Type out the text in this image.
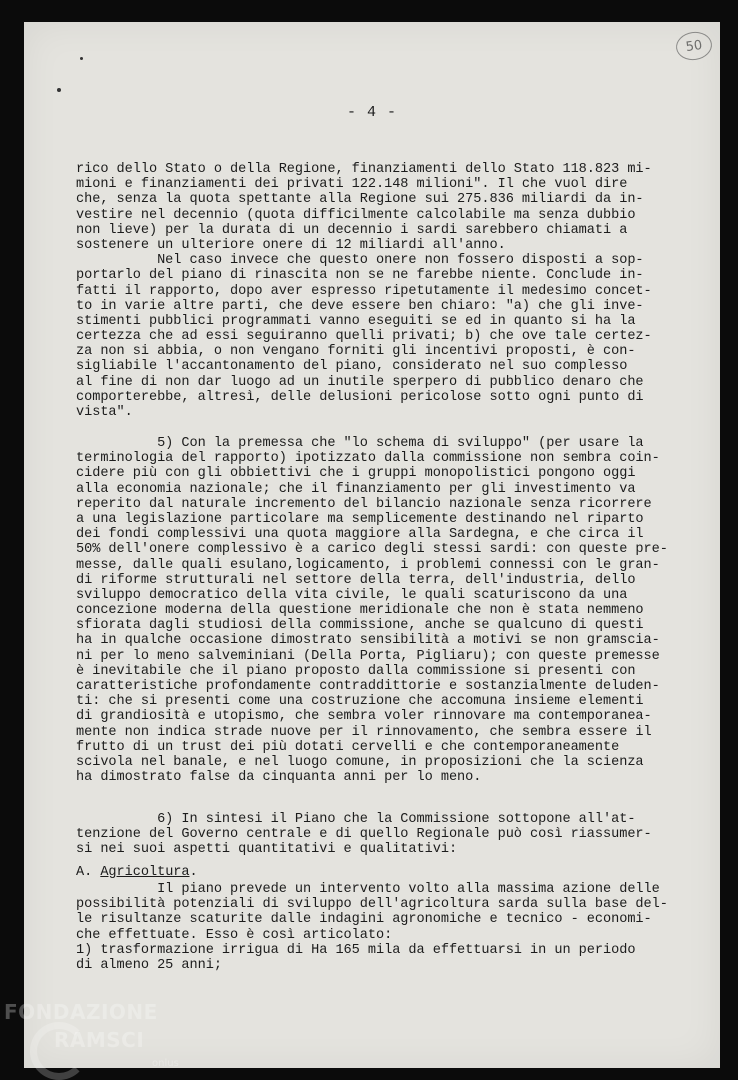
50
- 4 -
rico dello Stato o della Regione, finanziamenti dello Stato 118.823 mi-
mioni e finanziamenti dei privati 122.148 milioni". Il che vuol dire
che, senza la quota spettante alla Regione sui 275.836 miliardi da in-
vestire nel decennio (quota difficilmente calcolabile ma senza dubbio
non lieve) per la durata di un decennio i sardi sarebbero chiamati a
sostenere un ulteriore onere di 12 miliardi all'anno.
Nel caso invece che questo onere non fossero disposti a sop-
portarlo del piano di rinascita non se ne farebbe niente. Conclude in-
fatti il rapporto, dopo aver espresso ripetutamente il medesimo concet-
to in varie altre parti, che deve essere ben chiaro: "a) che gli inve-
stimenti pubblici programmati vanno eseguiti se ed in quanto si ha la
certezza che ad essi seguiranno quelli privati; b) che ove tale certez-
za non si abbia, o non vengano forniti gli incentivi proposti, è con-
sigliabile l'accantonamento del piano, considerato nel suo complesso
al fine di non dar luogo ad un inutile sperpero di pubblico denaro che
comporterebbe, altresì, delle delusioni pericolose sotto ogni punto di
vista".
5) Con la premessa che "lo schema di sviluppo" (per usare la
terminologia del rapporto) ipotizzato dalla commissione non sembra coin-
cidere più con gli obbiettivi che i gruppi monopolistici pongono oggi
alla economia nazionale; che il finanziamento per gli investimento va
reperito dal naturale incremento del bilancio nazionale senza ricorrere
a una legislazione particolare ma semplicemente destinando nel riparto
dei fondi complessivi una quota maggiore alla Sardegna, e che circa il
50% dell'onere complessivo è a carico degli stessi sardi: con queste pre-
messe, dalle quali esulano,logicamento, i problemi connessi con le gran-
di riforme strutturali nel settore della terra, dell'industria, dello
sviluppo democratico della vita civile, le quali scaturiscono da una
concezione moderna della questione meridionale che non è stata nemmeno
sfiorata dagli studiosi della commissione, anche se qualcuno di questi
ha in qualche occasione dimostrato sensibilità a motivi se non gramscia-
ni per lo meno salveminiani (Della Porta, Pigliaru); con queste premesse
è inevitabile che il piano proposto dalla commissione si presenti con
caratteristiche profondamente contraddittorie e sostanzialmente deluden-
ti: che si presenti come una costruzione che accomuna insieme elementi
di grandiosità e utopismo, che sembra voler rinnovare ma contemporanea-
mente non indica strade nuove per il rinnovamento, che sembra essere il
frutto di un trust dei più dotati cervelli e che contemporaneamente
scivola nel banale, e nel luogo comune, in proposizioni che la scienza
ha dimostrato false da cinquanta anni per lo meno.
6) In sintesi il Piano che la Commissione sottopone all'at-
tenzione del Governo centrale e di quello Regionale può così riassumer-
si nei suoi aspetti quantitativi e qualitativi:
A. Agricoltura.
Il piano prevede un intervento volto alla massima azione delle
possibilità potenziali di sviluppo dell'agricoltura sarda sulla base del-
le risultanze scaturite dalle indagini agronomiche e tecnico - economi-
che effettuate. Esso è così articolato:
1) trasformazione irrigua di Ha 165 mila da effettuarsi in un periodo
di almeno 25 anni;
FONDAZIONE
RAMSCI
onlus
